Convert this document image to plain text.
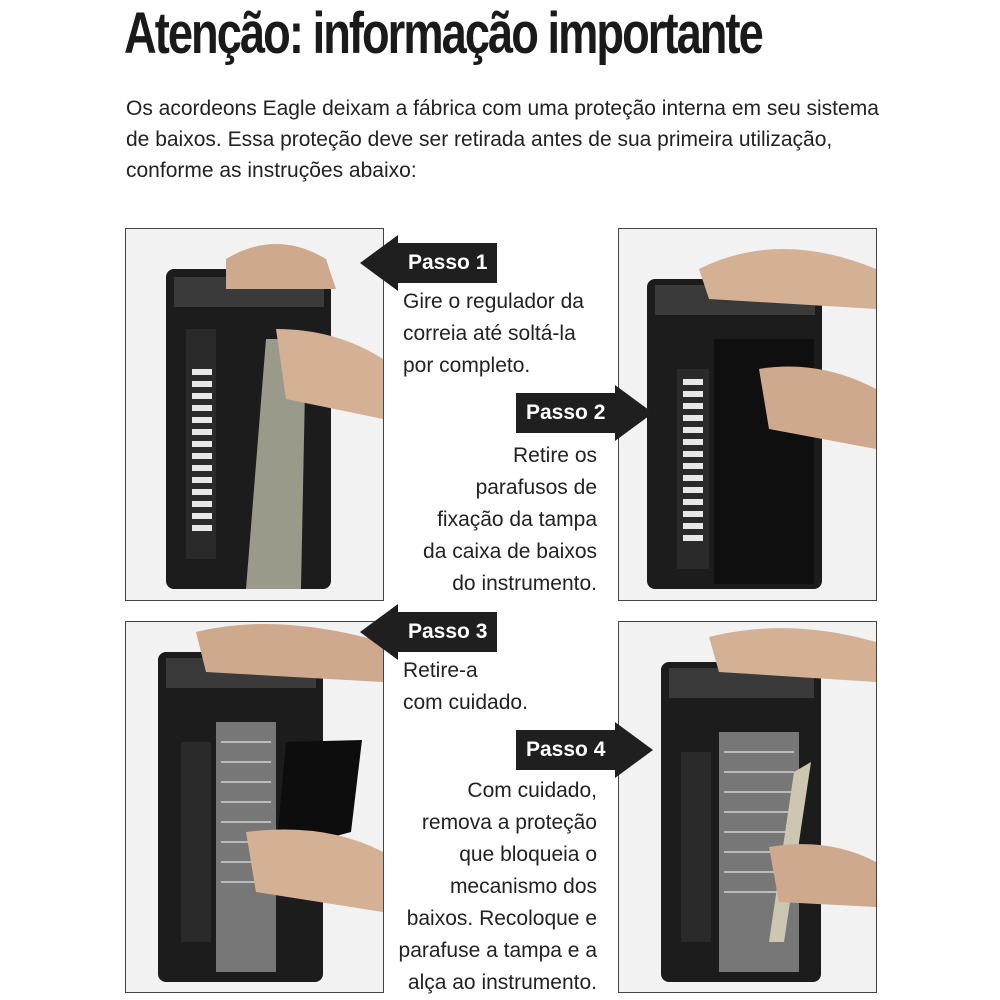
Atenção: informação importante
Os acordeons Eagle deixam a fábrica com uma proteção interna em seu sistema de baixos. Essa proteção deve ser retirada antes de sua primeira utilização, conforme as instruções abaixo:
Passo 1
Passo 2
Passo 3
Passo 4
Gire o regulador da
correia até soltá-la
por completo.
Retire os
parafusos de
fixação da tampa
da caixa de baixos
do instrumento.
Retire-a
com cuidado.
Com cuidado,
remova a proteção
que bloqueia o
mecanismo dos
baixos. Recoloque e
parafuse a tampa e a
alça ao instrumento.
